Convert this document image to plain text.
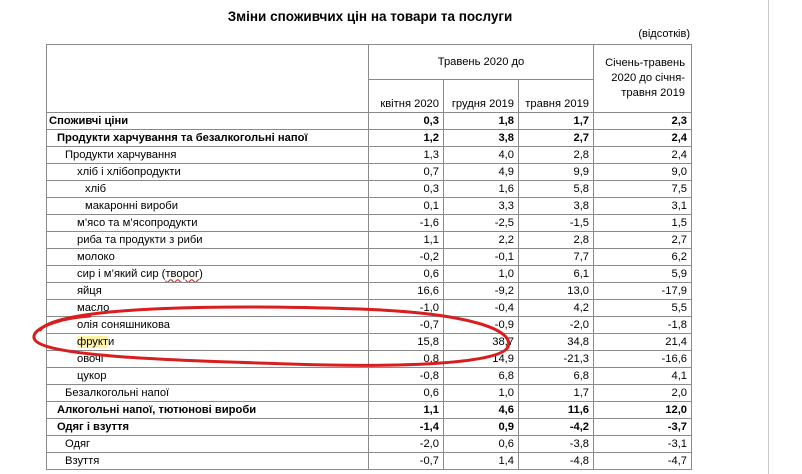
Зміни споживчих цін на товари та послуги
(відсотків)
	Травень 2020 до			Січень-травень 2020 до січня-травня 2019
	квітня 2020	грудня 2019	травня 2019	
Споживчі ціни	0,3	1,8	1,7	2,3
Продукти харчування та безалкогольні напої	1,2	3,8	2,7	2,4
Продукти харчування	1,3	4,0	2,8	2,4
хліб і хлібопродукти	0,7	4,9	9,9	9,0
хліб	0,3	1,6	5,8	7,5
макаронні вироби	0,1	3,3	3,8	3,1
м’ясо та м’ясопродукти	-1,6	-2,5	-1,5	1,5
риба та продукти з риби	1,1	2,2	2,8	2,7
молоко	-0,2	-0,1	7,7	6,2
сир і м’який сир (творог)	0,6	1,0	6,1	5,9
яйця	16,6	-9,2	13,0	-17,9
масло	-1,0	-0,4	4,2	5,5
олія соняшникова	-0,7	-0,9	-2,0	-1,8
фрукти	15,8	38,7	34,8	21,4
овочі	0,8	14,9	-21,3	-16,6
цукор	-0,8	6,8	6,8	4,1
Безалкогольні напої	0,6	1,0	1,7	2,0
Алкогольні напої, тютюнові вироби	1,1	4,6	11,6	12,0
Одяг і взуття	-1,4	0,9	-4,2	-3,7
Одяг	-2,0	0,6	-3,8	-3,1
Взуття	-0,7	1,4	-4,8	-4,7
